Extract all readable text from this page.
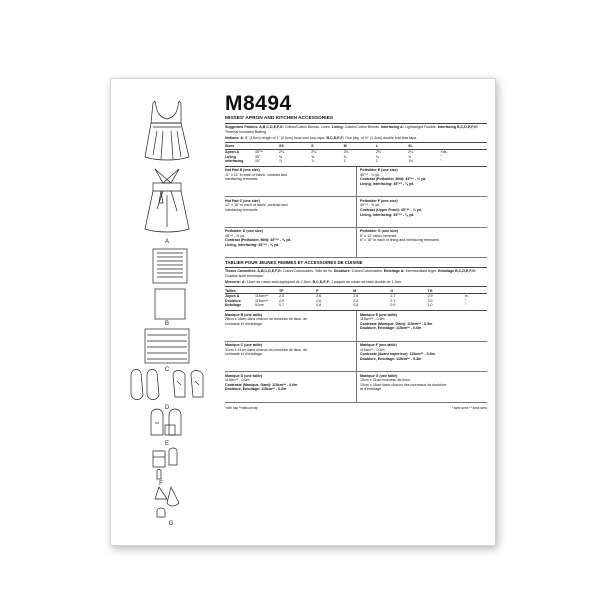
A
B
C
D
E
F
G
M8494
MISSES' APRON AND KITCHEN ACCESSORIES
Suggested Fabrics: A,B,C,D,E,F,G: Cotton/Cotton Blends, Linen. Lining: Cotton/Cotton Blends. Interfacing A: Lightweight Fusible. Interfacing B,C,D,E,F,G: Thermal Insulated Batting.
Notions: A: 6" (15cm) length of 1" (2.5cm) hook and loop tape. B,C,D,E,F: One pkg. of ½" (1.3cm) double fold bias tape.
Sizes		XS	S	M	L	XL	
Apron A	45"**	2⅛	2⅛	2⅛	2⅛	2⅛	Yds.
Lining	45"	⅝	⅝	⅝	⅝	⅝	"
Interfacing	20"	⅞	⅞	1	1	1⅛	"
Hot Pad B (one size)
11" x 11" in each of fabric, contrast and
interfacing remnants
Potholder E (one size)
45"** - ¼ yd.
Contrast (Potholder, Mitt): 45"** - ½ yd.
Lining, Interfacing: 45"** - ⅜ yd.
Hot Pad C (one size)
12" x 16" in each of fabric, contrast and
interfacing remnants
Potholder F (one size)
45"** - ⅜ yd.
Contrast (Upper Front): 45"** - ¼ yd.
Lining, Interfacing: 45"** - ⅜ yd.
Potholder D (one size)
45"** - ⅝ yd.
Contrast (Potholder, Mitt): 45"** - ⅝ yd.
Lining, Interfacing: 45"** - ⅝ yd.
Potholder G (one size)
6" x 12" fabric remnant
6" x 16" in each of lining and interfacing remnants
TABLIER POUR JEUNES FEMMES ET ACCESSOIRES DE CUISINE
Tissus Conseillés: A,B,C,D,E,F,G: Coton/Cotonnades, Toile de lin. Doublure: Coton/Cotonnades. Entoilage A: thermocollant léger. Entoilage B,C,D,E,F,G: Ouatine isolé thermique.
Mercerie: A: 15cm de ruban auto-agrippant de 2,5cm. B,C,D,E,F: 1 paquet de ruban de biais doublé de 1,3cm.
Tailles		TP	P	M	G	TG	
Jupon A	115cm**	2.5	2.6	2.6	2.7	2.9	m
Doublure	115cm**	2.5	2.6	2.6	2.7	2.9	"
Entoilage	51cm	0.7	0.8	0.8	0.9	1.0	"
Manique B (une taille)
28cm x 28cm dans chacun du morceau de tissu, de
contraste et d'entoilage
Manique E (une taille)
115cm** - 0.6m
Contraste (Manique, Gant): 115cm** - 0.5m
Doublure, Entoilage: 115cm** - 0.6m
Manique C (une taille)
31cm x 41cm dans chacun du morceau de tissu, de
contraste et d'entoilage
Manique F (une taille)
115cm** - 0.3m
Contraste (Avant supérieur): 115cm** - 0.3m
Doublure, Entoilage: 115cm** - 0.3m
Manique D (une taille)
115cm** - 0.6m
Contraste (Manique, Gant): 115cm** - 0.6m
Doublure, Entoilage: 115cm** - 0.6m
Manique G (une taille)
15cm x 31cm morceau de tissu
15cm x 26cm dans chacun des morceaux de doublure
et d'entoilage
*with nap **without nap	* avec sens ** sans sens
